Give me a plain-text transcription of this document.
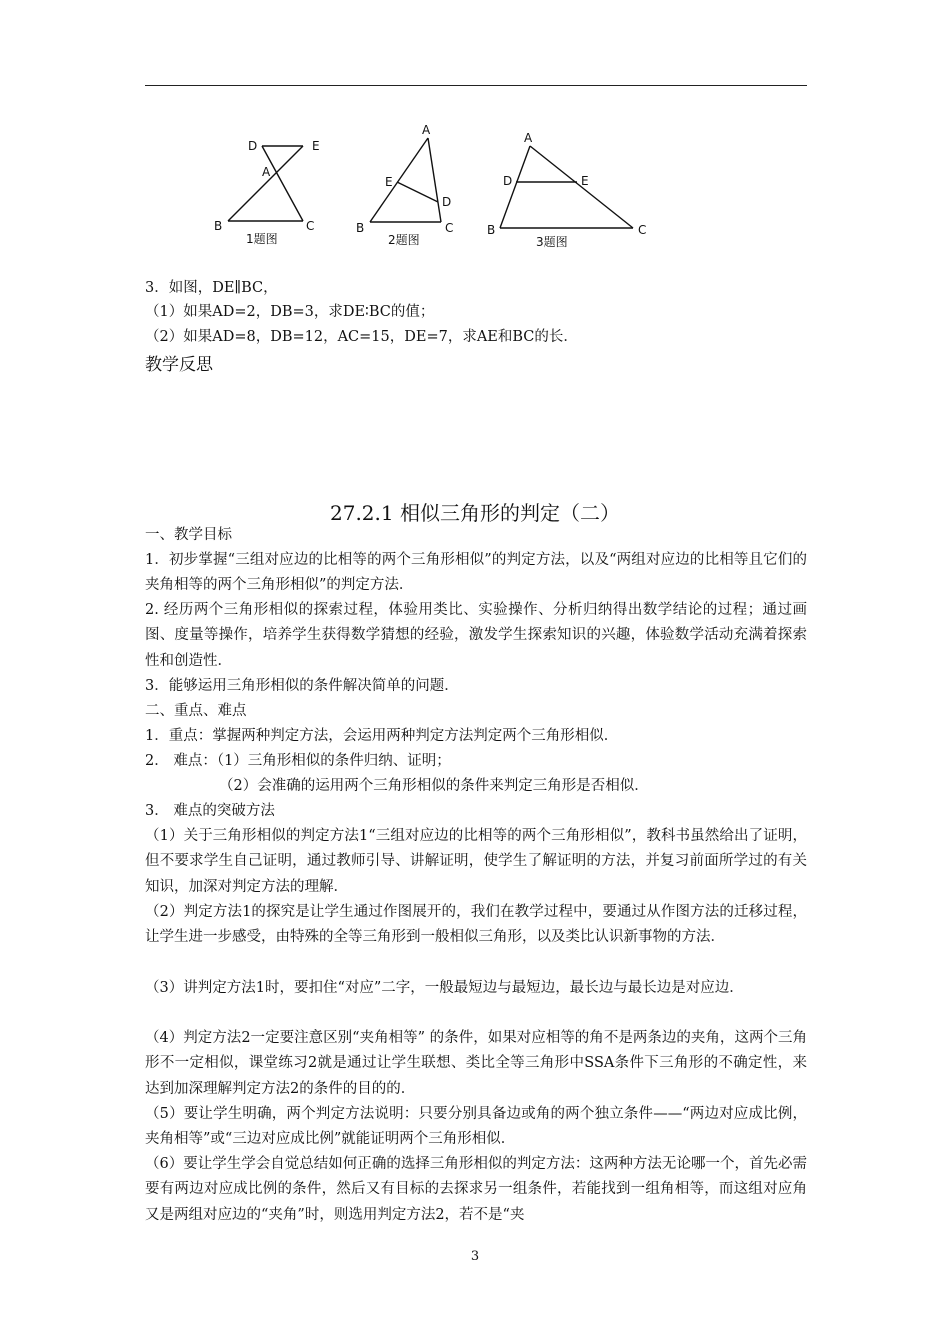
D	E
A
B	C
1题图
A
E
D
B	C
2题图
A
D	E
B	C
3题图
3．如图，DE∥BC，
（1）如果AD=2，DB=3，求DE∶BC的值；
（2）如果AD=8，DB=12，AC=15，DE=7，求AE和BC的长．
教学反思
27.2.1 相似三角形的判定（二）
一、教学目标
1．初步掌握“三组对应边的比相等的两个三角形相似”的判定方法，以及“两组对应边的比相等且它们的夹角相等的两个三角形相似”的判定方法．
2. 经历两个三角形相似的探索过程，体验用类比、实验操作、分析归纳得出数学结论的过程；通过画图、度量等操作，培养学生获得数学猜想的经验，激发学生探索知识的兴趣，体验数学活动充满着探索性和创造性．
3．能够运用三角形相似的条件解决简单的问题．
二、重点、难点
1．重点：掌握两种判定方法，会运用两种判定方法判定两个三角形相似．
2． 难点：（1）三角形相似的条件归纳、证明；
（2）会准确的运用两个三角形相似的条件来判定三角形是否相似．
3． 难点的突破方法
（1）关于三角形相似的判定方法1“三组对应边的比相等的两个三角形相似”，教科书虽然给出了证明，但不要求学生自己证明，通过教师引导、讲解证明，使学生了解证明的方法，并复习前面所学过的有关知识，加深对判定方法的理解．
（2）判定方法1的探究是让学生通过作图展开的，我们在教学过程中，要通过从作图方法的迁移过程，让学生进一步感受，由特殊的全等三角形到一般相似三角形，以及类比认识新事物的方法．
（3）讲判定方法1时，要扣住“对应”二字，一般最短边与最短边，最长边与最长边是对应边．
（4）判定方法2一定要注意区别“夹角相等” 的条件，如果对应相等的角不是两条边的夹角，这两个三角形不一定相似，课堂练习2就是通过让学生联想、类比全等三角形中SSA条件下三角形的不确定性，来达到加深理解判定方法2的条件的目的的．
（5）要让学生明确，两个判定方法说明：只要分别具备边或角的两个独立条件——“两边对应成比例，夹角相等”或“三边对应成比例”就能证明两个三角形相似．
（6）要让学生学会自觉总结如何正确的选择三角形相似的判定方法：这两种方法无论哪一个，首先必需要有两边对应成比例的条件，然后又有目标的去探求另一组条件，若能找到一组角相等，而这组对应角又是两组对应边的“夹角”时，则选用判定方法2，若不是“夹
3
